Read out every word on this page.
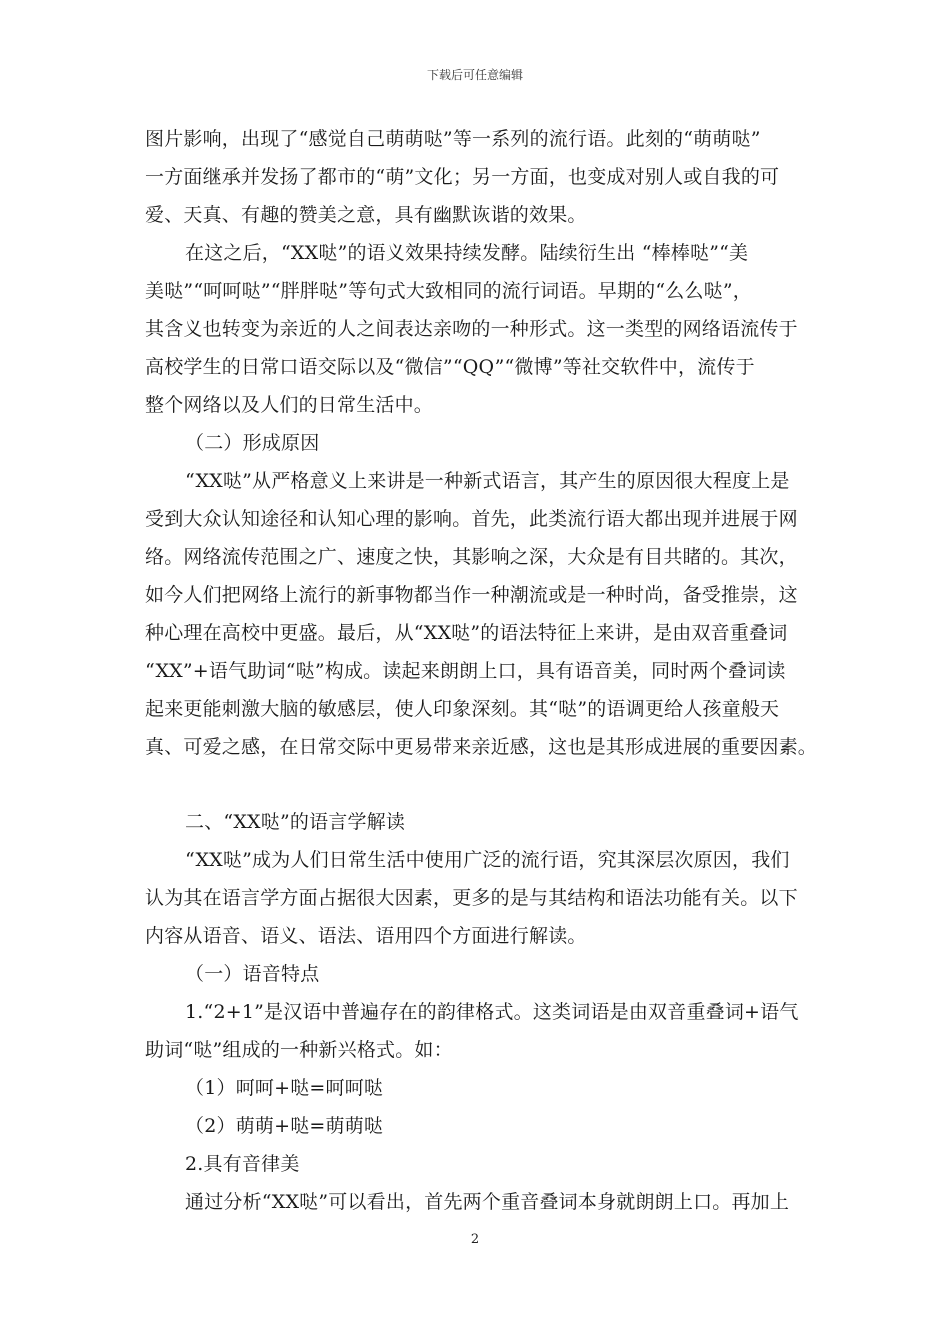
下载后可任意编辑
图片影响，出现了“感觉自己萌萌哒”等一系列的流行语。此刻的“萌萌哒”
一方面继承并发扬了都市的“萌”文化；另一方面，也变成对别人或自我的可
爱、天真、有趣的赞美之意，具有幽默诙谐的效果。
在这之后，“XX哒”的语义效果持续发酵。陆续衍生出 “棒棒哒”“美
美哒”“呵呵哒”“胖胖哒”等句式大致相同的流行词语。早期的“么么哒”，
其含义也转变为亲近的人之间表达亲吻的一种形式。这一类型的网络语流传于
高校学生的日常口语交际以及“微信”“QQ”“微博”等社交软件中，流传于
整个网络以及人们的日常生活中。
（二）形成原因
“XX哒”从严格意义上来讲是一种新式语言，其产生的原因很大程度上是
受到大众认知途径和认知心理的影响。首先，此类流行语大都出现并进展于网
络。网络流传范围之广、速度之快，其影响之深，大众是有目共睹的。其次，
如今人们把网络上流行的新事物都当作一种潮流或是一种时尚，备受推崇，这
种心理在高校中更盛。最后，从“XX哒”的语法特征上来讲，是由双音重叠词
“XX”+语气助词“哒”构成。读起来朗朗上口，具有语音美，同时两个叠词读
起来更能刺激大脑的敏感层，使人印象深刻。其“哒”的语调更给人孩童般天
真、可爱之感，在日常交际中更易带来亲近感，这也是其形成进展的重要因素。
二、“XX哒”的语言学解读
“XX哒”成为人们日常生活中使用广泛的流行语，究其深层次原因，我们
认为其在语言学方面占据很大因素，更多的是与其结构和语法功能有关。以下
内容从语音、语义、语法、语用四个方面进行解读。
（一）语音特点
1.“2+1”是汉语中普遍存在的韵律格式。这类词语是由双音重叠词+语气
助词“哒”组成的一种新兴格式。如：
（1）呵呵+哒=呵呵哒
（2）萌萌+哒=萌萌哒
2.具有音律美
通过分析“XX哒”可以看出，首先两个重音叠词本身就朗朗上口。再加上
2
